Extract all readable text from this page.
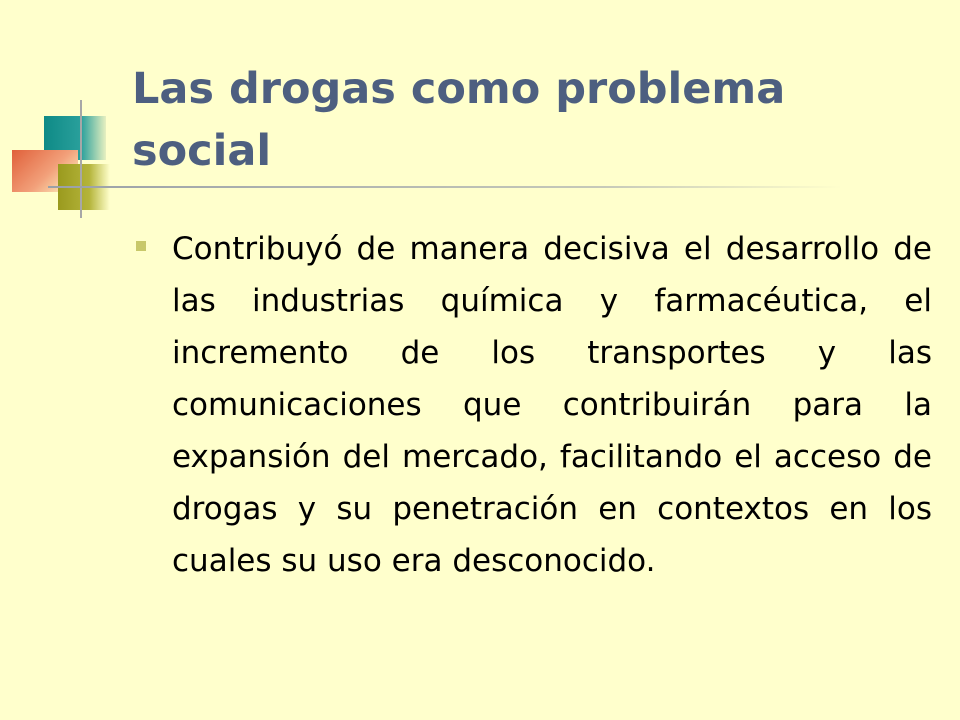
Las drogas como problema social

Contribuyó de manera decisiva el desarrollo de las industrias química y farmacéutica, el incremento de los transportes y las comunicaciones que contribuirán para la expansión del mercado, facilitando el acceso de drogas y su penetración en contextos en los cuales su uso era desconocido.
